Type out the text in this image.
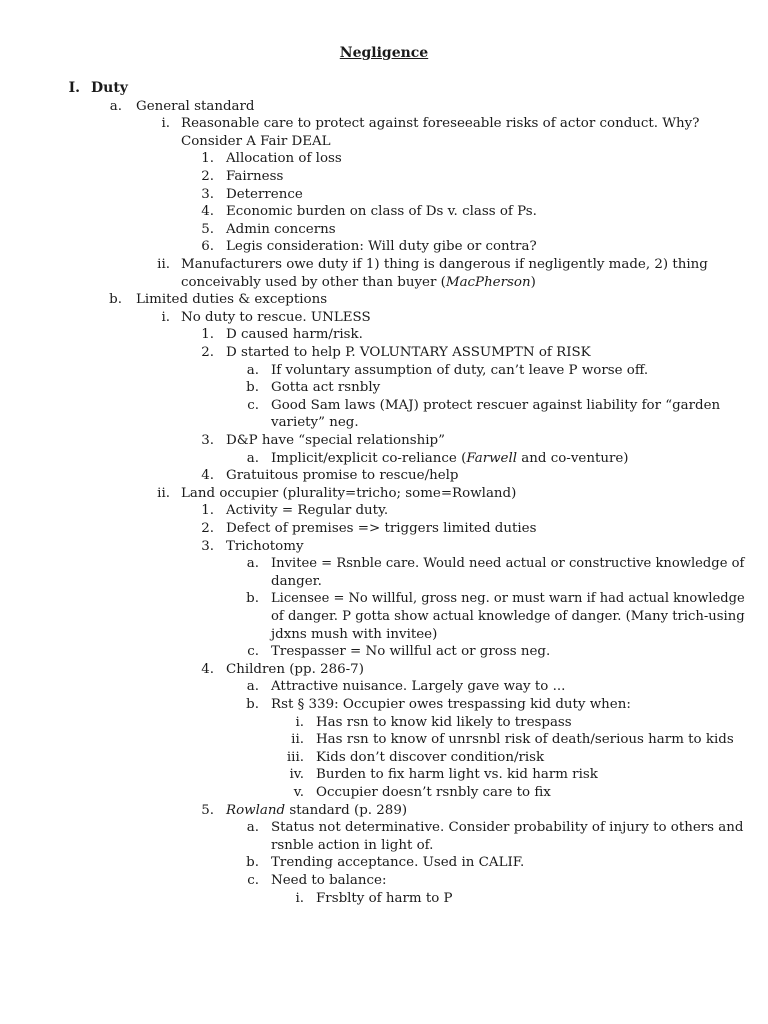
Negligence
I. Duty
a. General standard
i. Reasonable care to protect against foreseeable risks of actor conduct. Why?
Consider A Fair DEAL
1. Allocation of loss
2. Fairness
3. Deterrence
4. Economic burden on class of Ds v. class of Ps.
5. Admin concerns
6. Legis consideration: Will duty gibe or contra?
ii. Manufacturers owe duty if 1) thing is dangerous if negligently made, 2) thing
conceivably used by other than buyer (MacPherson)
b. Limited duties & exceptions
i. No duty to rescue. UNLESS
1. D caused harm/risk.
2. D started to help P. VOLUNTARY ASSUMPTN of RISK
a. If voluntary assumption of duty, can’t leave P worse off.
b. Gotta act rsnbly
c. Good Sam laws (MAJ) protect rescuer against liability for “garden
variety” neg.
3. D&P have “special relationship”
a. Implicit/explicit co-reliance (Farwell and co-venture)
4. Gratuitous promise to rescue/help
ii. Land occupier (plurality=tricho; some=Rowland)
1. Activity = Regular duty.
2. Defect of premises => triggers limited duties
3. Trichotomy
a. Invitee = Rsnble care. Would need actual or constructive knowledge of
danger.
b. Licensee = No willful, gross neg. or must warn if had actual knowledge
of danger. P gotta show actual knowledge of danger. (Many trich-using
jdxns mush with invitee)
c. Trespasser = No willful act or gross neg.
4. Children (pp. 286-7)
a. Attractive nuisance. Largely gave way to ...
b. Rst § 339: Occupier owes trespassing kid duty when:
i. Has rsn to know kid likely to trespass
ii. Has rsn to know of unrsnbl risk of death/serious harm to kids
iii. Kids don’t discover condition/risk
iv. Burden to fix harm light vs. kid harm risk
v. Occupier doesn’t rsnbly care to fix
5. Rowland standard (p. 289)
a. Status not determinative. Consider probability of injury to others and
rsnble action in light of.
b. Trending acceptance. Used in CALIF.
c. Need to balance:
i. Frsblty of harm to P
